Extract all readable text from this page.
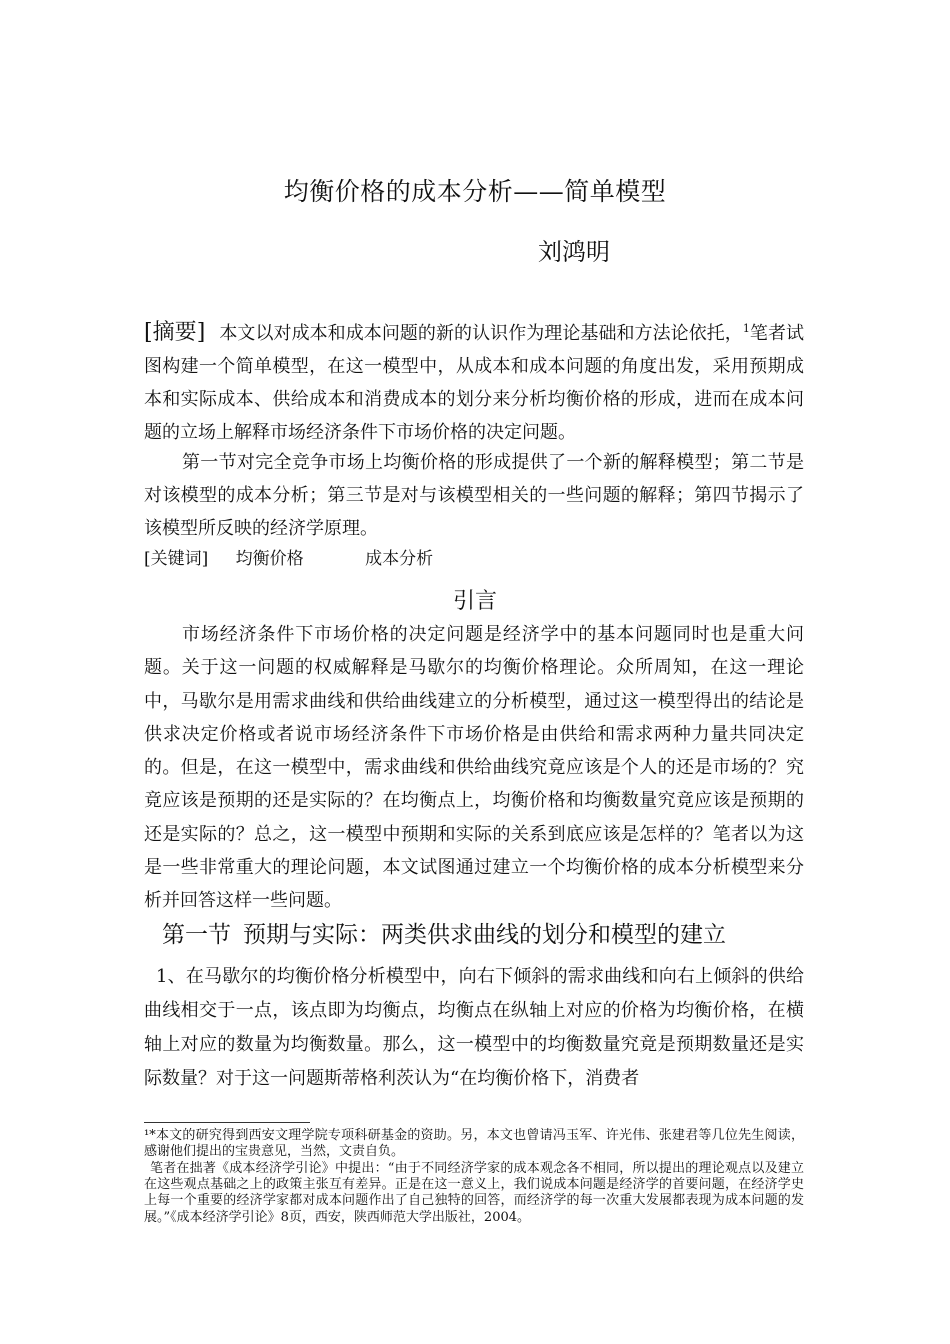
均衡价格的成本分析——简单模型
刘鸿明
[摘要] 本文以对成本和成本问题的新的认识作为理论基础和方法论依托，$^1$笔者试图构建一个简单模型，在这一模型中，从成本和成本问题的角度出发，采用预期成本和实际成本、供给成本和消费成本的划分来分析均衡价格的形成，进而在成本问题的立场上解释市场经济条件下市场价格的决定问题。
第一节对完全竞争市场上均衡价格的形成提供了一个新的解释模型；第二节是对该模型的成本分析；第三节是对与该模型相关的一些问题的解释；第四节揭示了该模型所反映的经济学原理。
[关键词] 均衡价格	成本分析
引言
市场经济条件下市场价格的决定问题是经济学中的基本问题同时也是重大问题。关于这一问题的权威解释是马歇尔的均衡价格理论。众所周知，在这一理论中，马歇尔是用需求曲线和供给曲线建立的分析模型，通过这一模型得出的结论是供求决定价格或者说市场经济条件下市场价格是由供给和需求两种力量共同决定的。但是，在这一模型中，需求曲线和供给曲线究竟应该是个人的还是市场的？究竟应该是预期的还是实际的？在均衡点上，均衡价格和均衡数量究竟应该是预期的还是实际的？总之，这一模型中预期和实际的关系到底应该是怎样的？笔者以为这是一些非常重大的理论问题，本文试图通过建立一个均衡价格的成本分析模型来分析并回答这样一些问题。
第一节 预期与实际：两类供求曲线的划分和模型的建立
1、在马歇尔的均衡价格分析模型中，向右下倾斜的需求曲线和向右上倾斜的供给曲线相交于一点，该点即为均衡点，均衡点在纵轴上对应的价格为均衡价格，在横轴上对应的数量为均衡数量。那么，这一模型中的均衡数量究竟是预期数量还是实际数量？对于这一问题斯蒂格利茨认为“在均衡价格下，消费者
¹*本文的研究得到西安文理学院专项科研基金的资助。另，本文也曾请冯玉军、许光伟、张建君等几位先生阅读，感谢他们提出的宝贵意见，当然，文责自负。
笔者在拙著《成本经济学引论》中提出：“由于不同经济学家的成本观念各不相同，所以提出的理论观点以及建立在这些观点基础之上的政策主张互有差异。正是在这一意义上，我们说成本问题是经济学的首要问题，在经济学史上每一个重要的经济学家都对成本问题作出了自己独特的回答，而经济学的每一次重大发展都表现为成本问题的发展。”《成本经济学引论》8页，西安，陕西师范大学出版社，2004。
